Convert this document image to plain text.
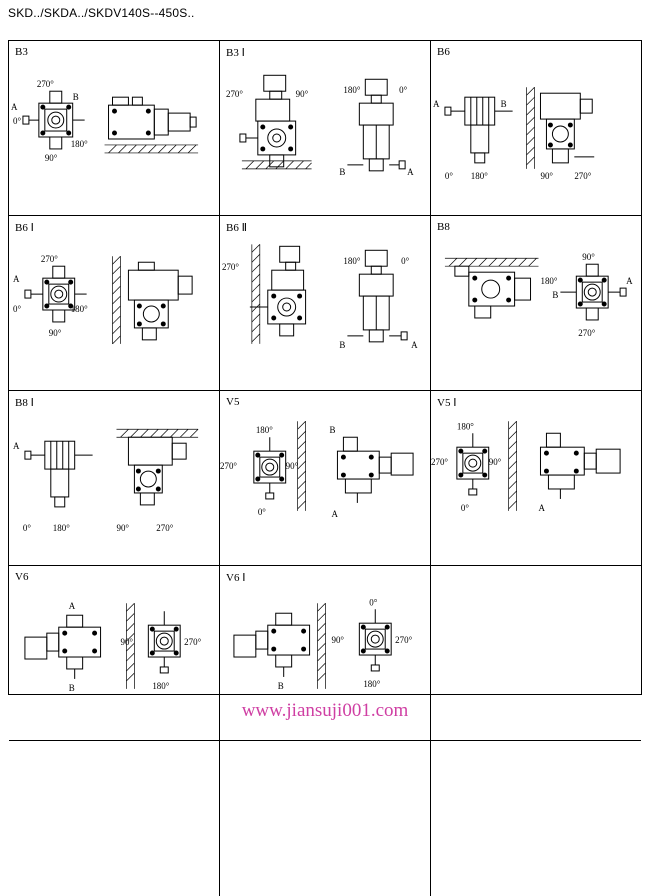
SKD../SKDA../SKDV140S--450S..
B3
270°
B
0°
180°
90°
A
B3 Ⅰ
270°	90°	180°	0°
B	A
B6
A	B
0° 180°	90° 270°
B6 Ⅰ
270°
A
0°	180°
90°
B6 Ⅱ
270°
180°	0°
B	A
B8
90°
180°
B
A
270°
B8 Ⅰ
A
0° 180°	90°	270°
V5
180°	B
270°	90°
0°	A
V5 Ⅰ
180°
270°	90°
0°	A
V6
A
90°	270°
B	180°
V6 Ⅰ
0°
90°	270°
B	180°
www.jiansuji001.com
